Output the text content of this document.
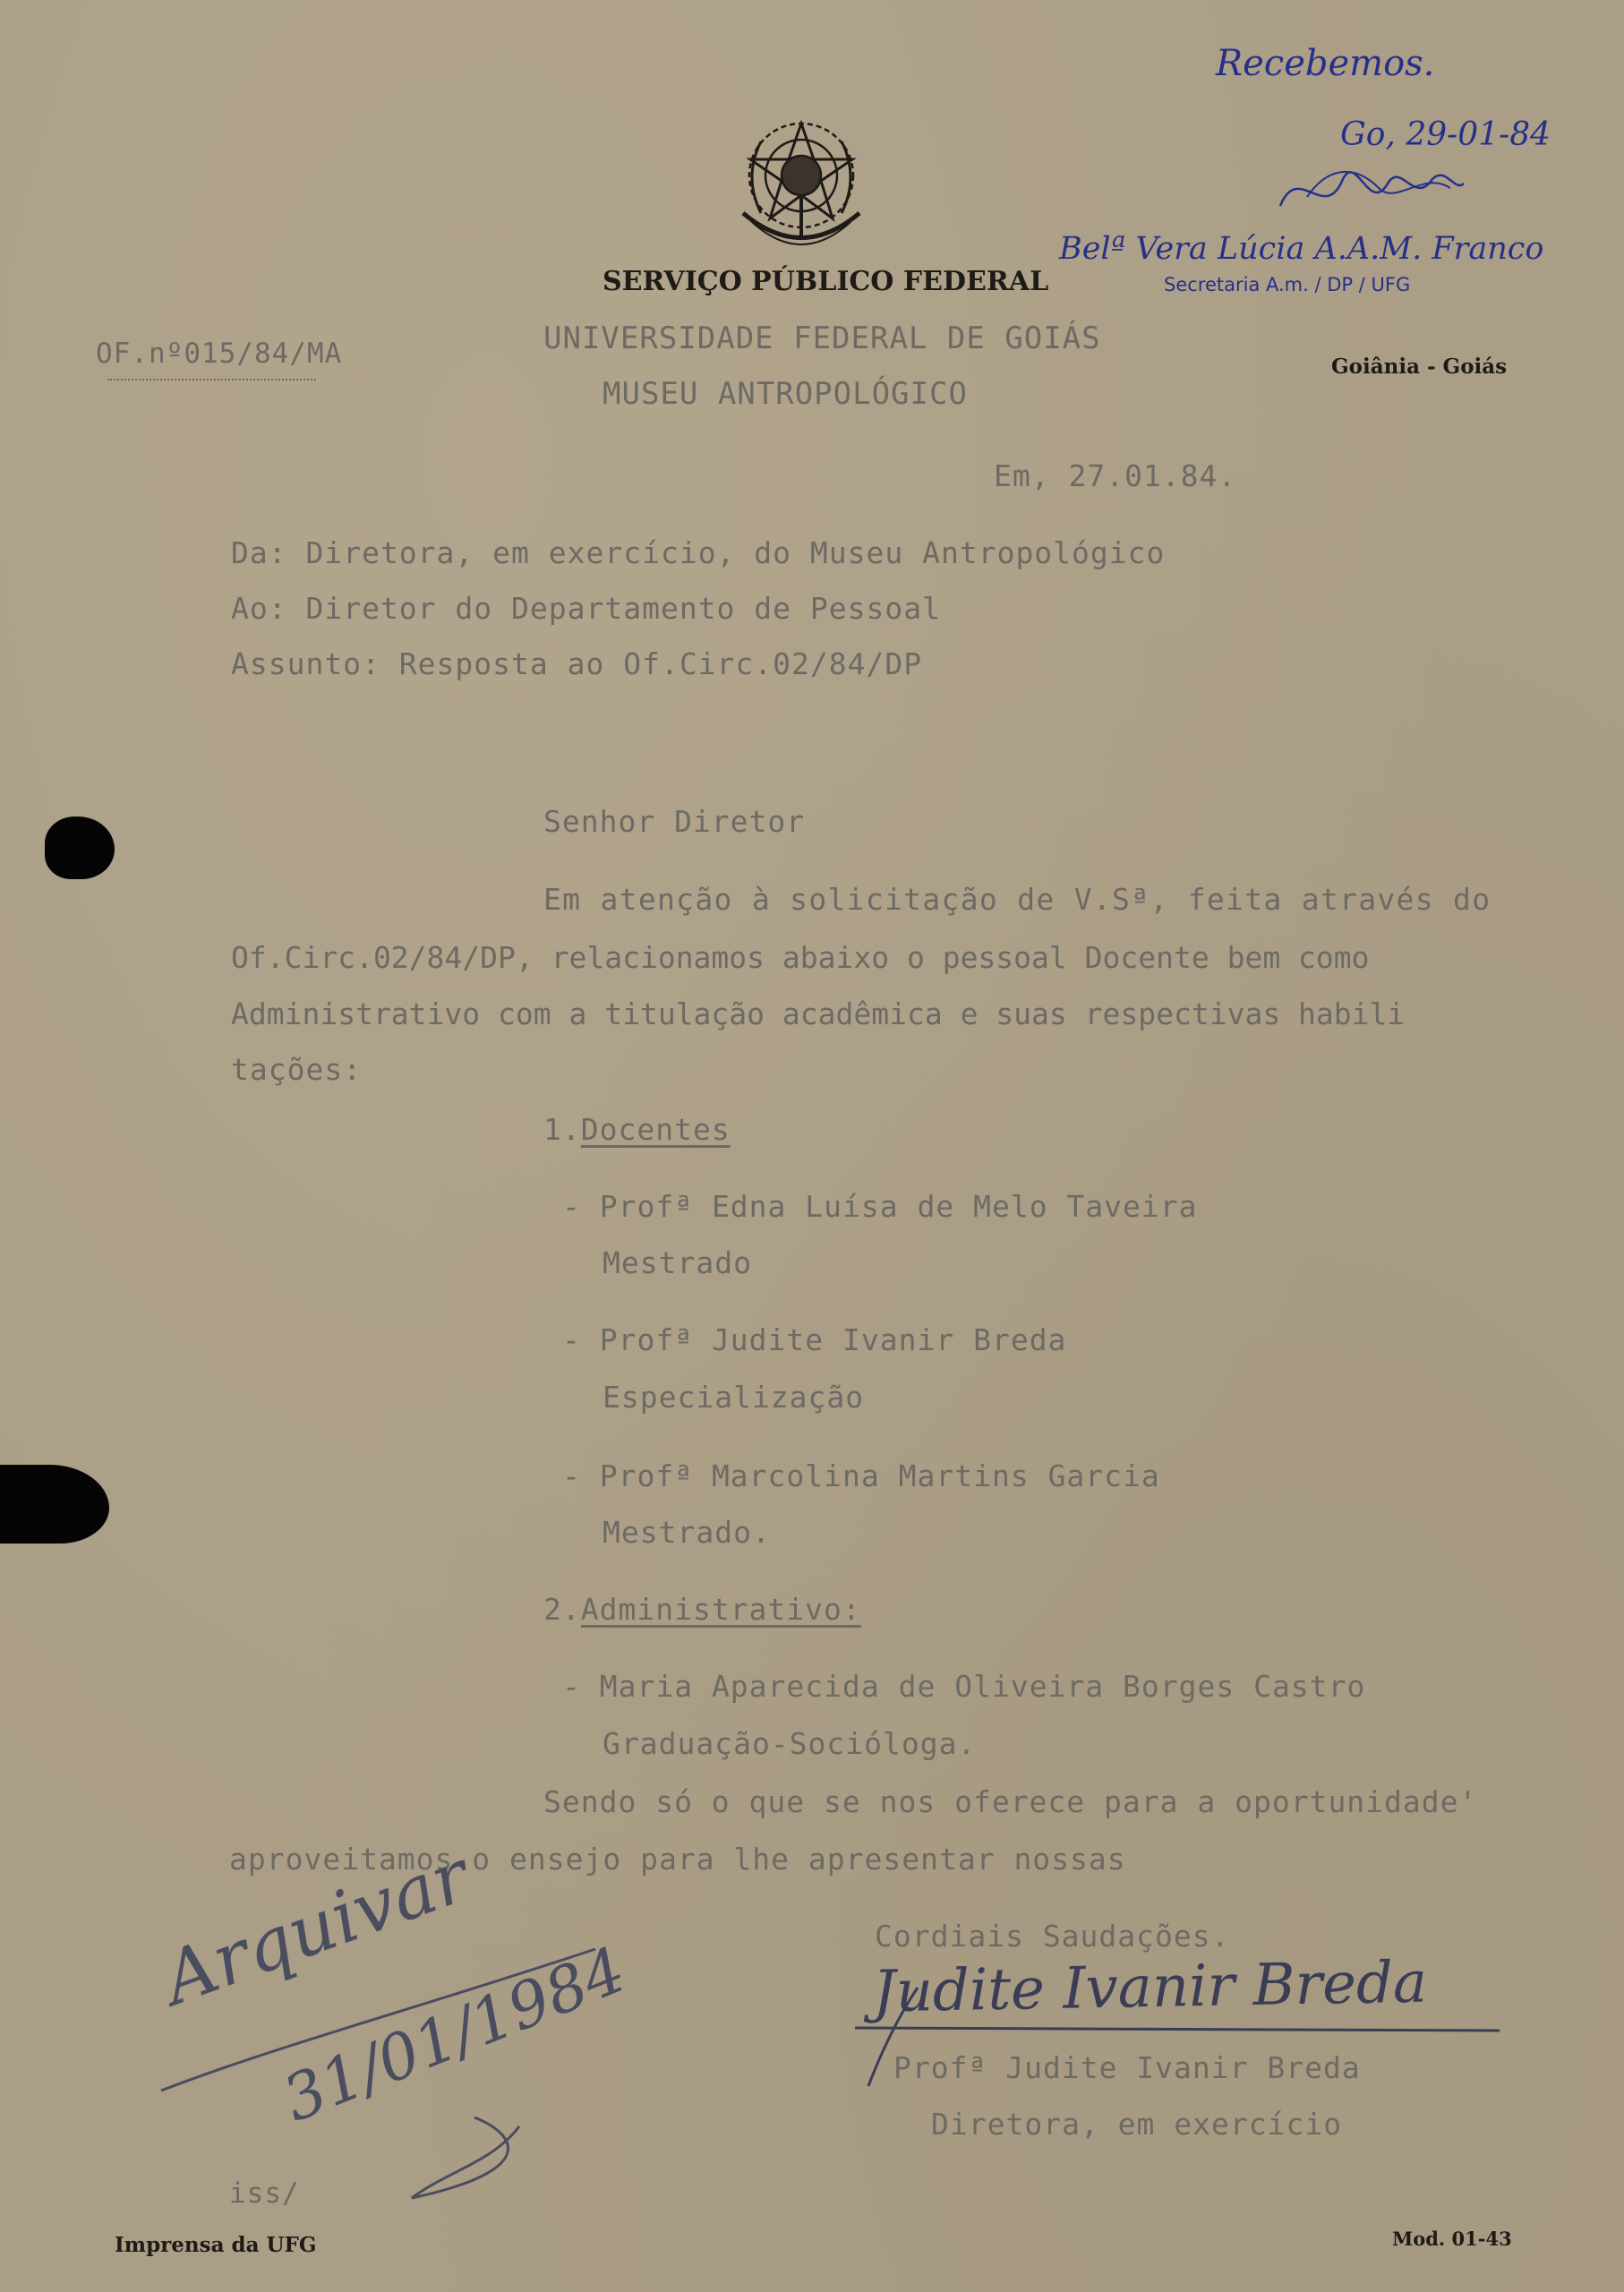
SERVIÇO PÚBLICO FEDERAL
UNIVERSIDADE FEDERAL DE GOIÁS
MUSEU ANTROPOLÓGICO
Goiânia - Goiás
OF.nº015/84/MA
Recebemos.
Go, 29-01-84
Belª Vera Lúcia A.A.M. Franco
Secretaria A.m. / DP / UFG
Em, 27.01.84.
Da: Diretora, em exercício, do Museu Antropológico
Ao: Diretor do Departamento de Pessoal
Assunto: Resposta ao Of.Circ.02/84/DP
Senhor Diretor
Em atenção à solicitação de V.Sª, feita através do
Of.Circ.02/84/DP, relacionamos abaixo o pessoal Docente bem como
Administrativo com a titulação acadêmica e suas respectivas habili
tações:
1.Docentes
- Profª Edna Luísa de Melo Taveira
Mestrado
- Profª Judite Ivanir Breda
Especialização
- Profª Marcolina Martins Garcia
Mestrado.
2.Administrativo:
- Maria Aparecida de Oliveira Borges Castro
Graduação-Socióloga.
Sendo só o que se nos oferece para a oportunidade'
aproveitamos o ensejo para lhe apresentar nossas
Cordiais Saudações.
Judite Ivanir Breda
Profª Judite Ivanir Breda
Diretora, em exercício
Arquivar
31/01/1984
iss/
Imprensa da UFG	Mod. 01-43
